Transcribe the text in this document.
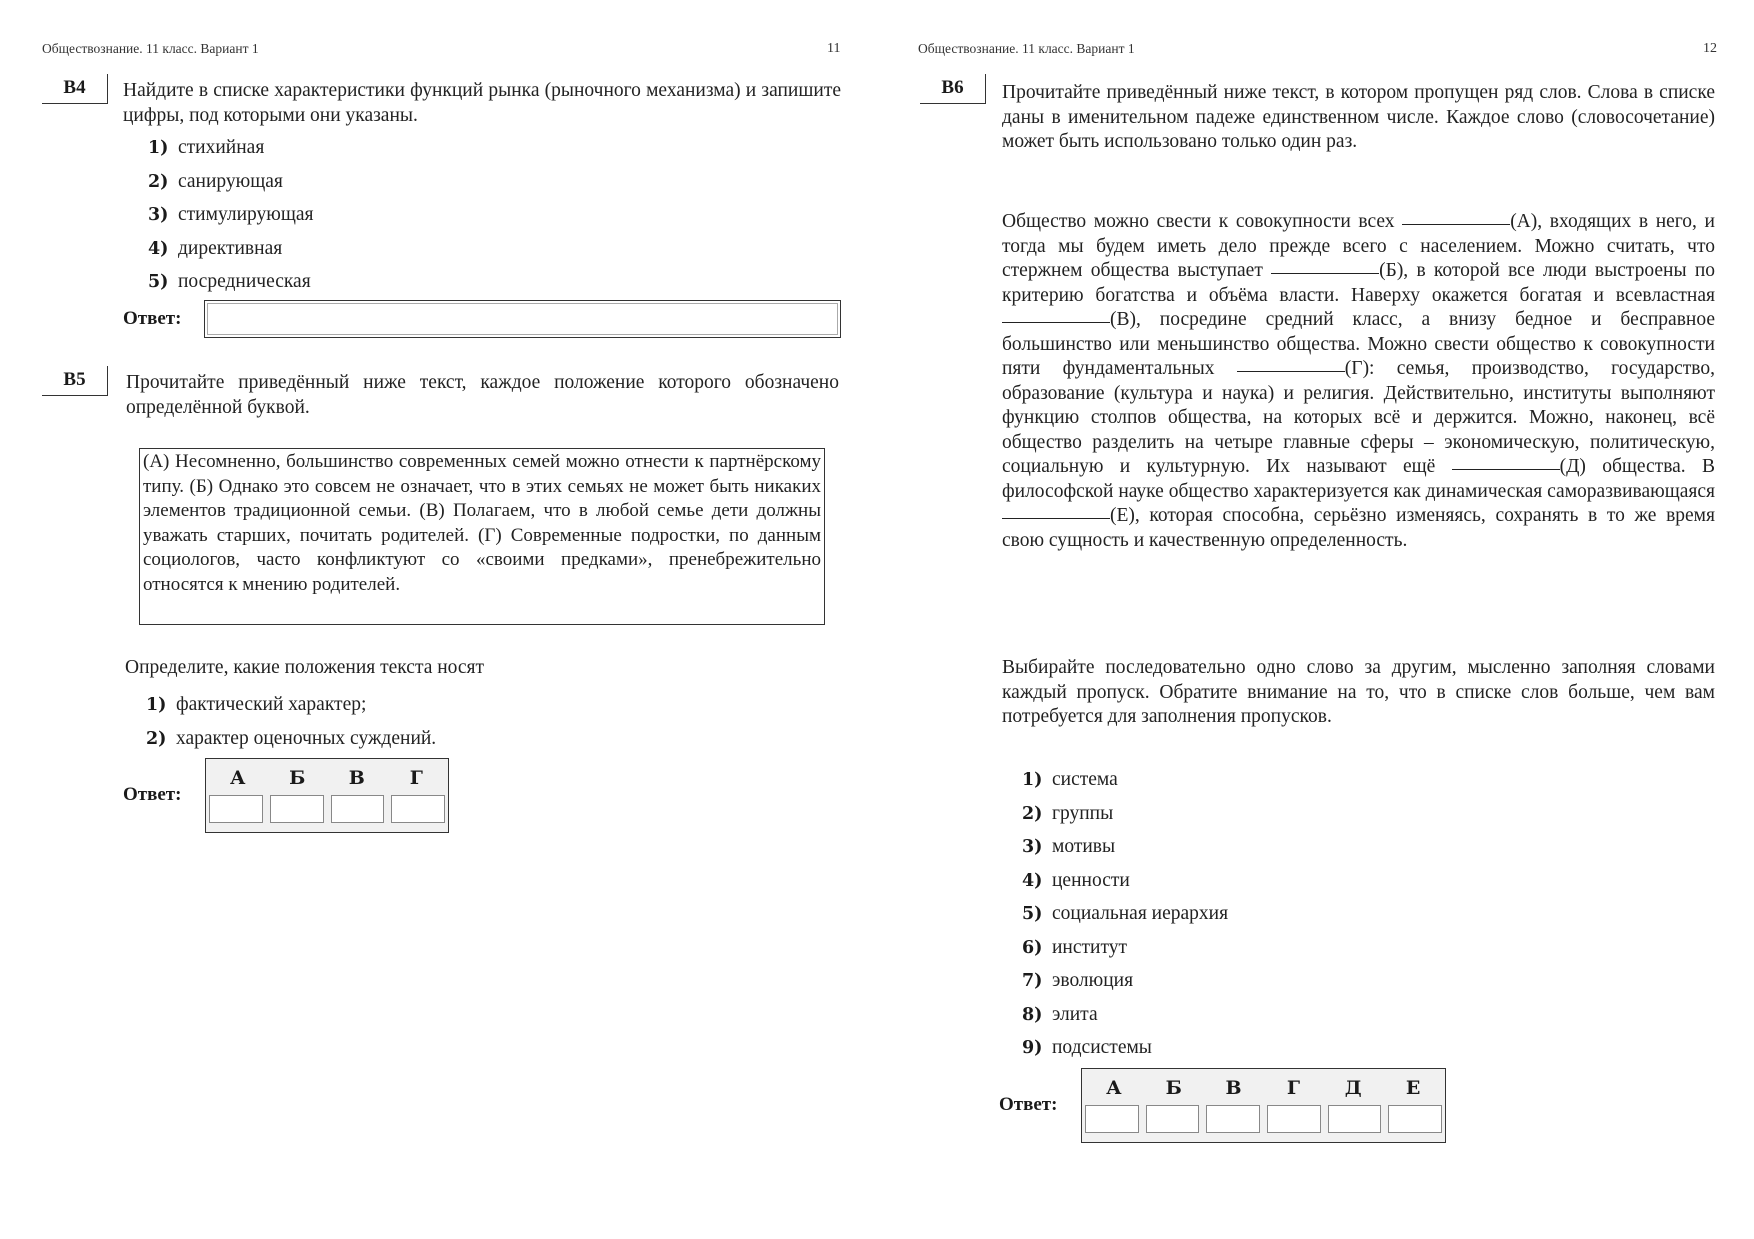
Обществознание. 11 класс. Вариант 1	11
В4	Найдите в списке характеристики функций рынка (рыночного механизма) и запишите цифры, под которыми они указаны.
1) стихийная
2) санирующая
3) стимулирующая
4) директивная
5) посредническая
Ответ:
В5	Прочитайте приведённый ниже текст, каждое положение которого обозначено определённой буквой.
(А) Несомненно, большинство современных семей можно отнести к партнёрскому типу. (Б) Однако это совсем не означает, что в этих семьях не может быть никаких элементов традиционной семьи. (В) Полагаем, что в любой семье дети должны уважать старших, почитать родителей. (Г) Современные подростки, по данным социологов, часто конфликтуют со «своими предками», пренебрежительно относятся к мнению родителей.
Определите, какие положения текста носят
1) фактический характер;
2) характер оценочных суждений.
Ответ:
А	Б	В	Г
Обществознание. 11 класс. Вариант 1	12
В6	Прочитайте приведённый ниже текст, в котором пропущен ряд слов. Слова в списке даны в именительном падеже единственном числе. Каждое слово (словосочетание) может быть использовано только один раз.
Общество можно свести к совокупности всех	(А), входящих в него, и тогда мы будем иметь дело прежде всего с населением. Можно считать, что стержнем общества выступает	(Б), в которой все люди выстроены по критерию богатства и объёма власти. Наверху окажется богатая и всевластная (В), посредине средний класс, а внизу бедное и бесправное большинство или меньшинство общества. Можно свести общество к совокупности пяти фундаментальных	(Г): семья, производство, государство, образование (культура и наука) и религия. Действительно, институты выполняют функцию столпов общества, на которых всё и держится. Можно, наконец, всё общество разделить на четыре главные сферы – экономическую, политическую, социальную и культурную. Их называют ещё	(Д) общества. В философской науке общество характеризуется как динамическая саморазвивающаяся (Е), которая способна, серьёзно изменяясь, сохранять в то же время свою сущность и качественную определенность.
Выбирайте последовательно одно слово за другим, мысленно заполняя словами каждый пропуск. Обратите внимание на то, что в списке слов больше, чем вам потребуется для заполнения пропусков.
1) система
2) группы
3) мотивы
4) ценности
5) социальная иерархия
6) институт
7) эволюция
8) элита
9) подсистемы
Ответ:
А	Б	В	Г	Д	Е
